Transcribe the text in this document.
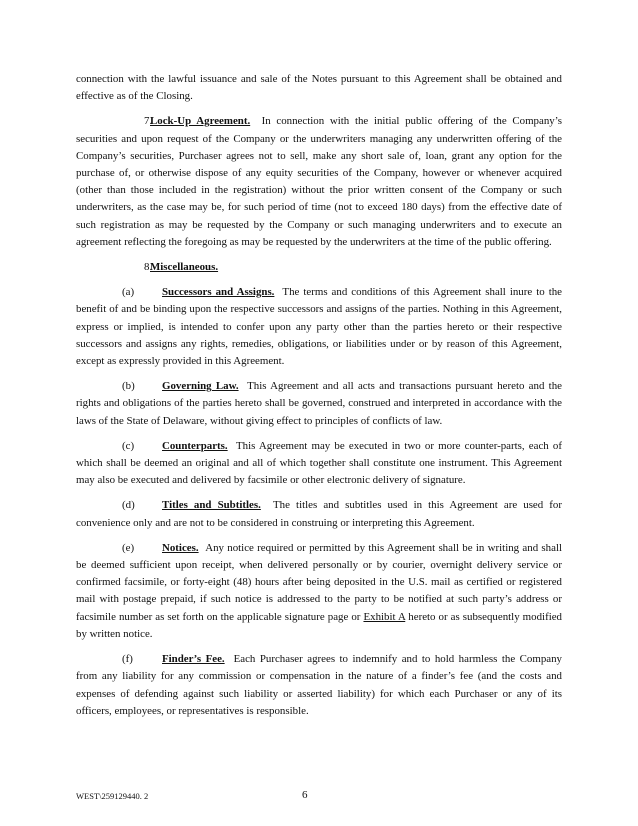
connection with the lawful issuance and sale of the Notes pursuant to this Agreement shall be obtained and effective as of the Closing.

7.Lock-Up Agreement. In connection with the initial public offering of the Company’s securities and upon request of the Company or the underwriters managing any underwritten offering of the Company’s securities, Purchaser agrees not to sell, make any short sale of, loan, grant any option for the purchase of, or otherwise dispose of any equity securities of the Company, however or whenever acquired (other than those included in the registration) without the prior written consent of the Company or such underwriters, as the case may be, for such period of time (not to exceed 180 days) from the effective date of such registration as may be requested by the Company or such managing underwriters and to execute an agreement reflecting the foregoing as may be requested by the underwriters at the time of the public offering.

8.Miscellaneous.

(a)	Successors and Assigns. The terms and conditions of this Agreement shall inure to the benefit of and be binding upon the respective successors and assigns of the parties. Nothing in this Agreement, express or implied, is intended to confer upon any party other than the parties hereto or their respective successors and assigns any rights, remedies, obligations, or liabilities under or by reason of this Agreement, except as expressly provided in this Agreement.

(b)	Governing Law. This Agreement and all acts and transactions pursuant hereto and the rights and obligations of the parties hereto shall be governed, construed and interpreted in accordance with the laws of the State of Delaware, without giving effect to principles of conflicts of law.

(c)	Counterparts. This Agreement may be executed in two or more counter-parts, each of which shall be deemed an original and all of which together shall constitute one instrument. This Agreement may also be executed and delivered by facsimile or other electronic delivery of signature.

(d)	Titles and Subtitles. The titles and subtitles used in this Agreement are used for convenience only and are not to be considered in construing or interpreting this Agreement.

(e)	Notices. Any notice required or permitted by this Agreement shall be in writing and shall be deemed sufficient upon receipt, when delivered personally or by courier, overnight delivery service or confirmed facsimile, or forty-eight (48) hours after being deposited in the U.S. mail as certified or registered mail with postage prepaid, if such notice is addressed to the party to be notified at such party’s address or facsimile number as set forth on the applicable signature page or Exhibit A hereto or as subsequently modified by written notice.

(f)	Finder’s Fee. Each Purchaser agrees to indemnify and to hold harmless the Company from any liability for any commission or compensation in the nature of a finder’s fee (and the costs and expenses of defending against such liability or asserted liability) for which each Purchaser or any of its officers, employees, or representatives is responsible.

WEST\259129440. 2	6
